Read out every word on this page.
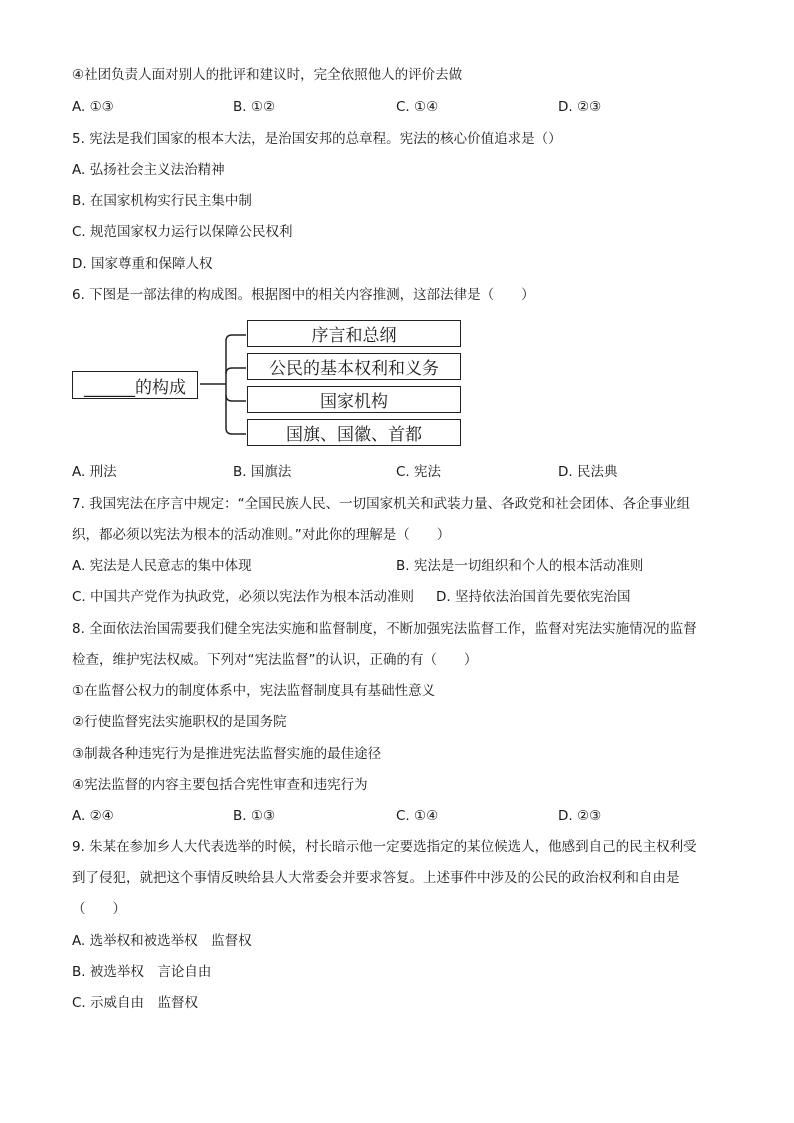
④社团负责人面对别人的批评和建议时，完全依照他人的评价去做
A. ①③	B. ①②	C. ①④	D. ②③
5. 宪法是我们国家的根本大法，是治国安邦的总章程。宪法的核心价值追求是（）
A. 弘扬社会主义法治精神
B. 在国家机构实行民主集中制
C. 规范国家权力运行以保障公民权利
D. 国家尊重和保障人权
6. 下图是一部法律的构成图。根据图中的相关内容推测，这部法律是（　　）
______的构成
序言和总纲
公民的基本权利和义务
国家机构
国旗、国徽、首都
A. 刑法	B. 国旗法	C. 宪法	D. 民法典
7. 我国宪法在序言中规定：“全国民族人民、一切国家机关和武装力量、各政党和社会团体、各企事业组
织，都必须以宪法为根本的活动准则。”对此你的理解是（　　）
A. 宪法是人民意志的集中体现	B. 宪法是一切组织和个人的根本活动准则
C. 中国共产党作为执政党，必须以宪法作为根本活动准则 D. 坚持依法治国首先要依宪治国
8. 全面依法治国需要我们健全宪法实施和监督制度，不断加强宪法监督工作，监督对宪法实施情况的监督
检查，维护宪法权威。下列对“宪法监督”的认识，正确的有（　　）
①在监督公权力的制度体系中，宪法监督制度具有基础性意义
②行使监督宪法实施职权的是国务院
③制裁各种违宪行为是推进宪法监督实施的最佳途径
④宪法监督的内容主要包括合宪性审查和违宪行为
A. ②④	B. ①③	C. ①④	D. ②③
9. 朱某在参加乡人大代表选举的时候，村长暗示他一定要选指定的某位候选人，他感到自己的民主权利受
到了侵犯，就把这个事情反映给县人大常委会并要求答复。上述事件中涉及的公民的政治权利和自由是
（　　）
A. 选举权和被选举权　监督权
B. 被选举权　言论自由
C. 示威自由　监督权
